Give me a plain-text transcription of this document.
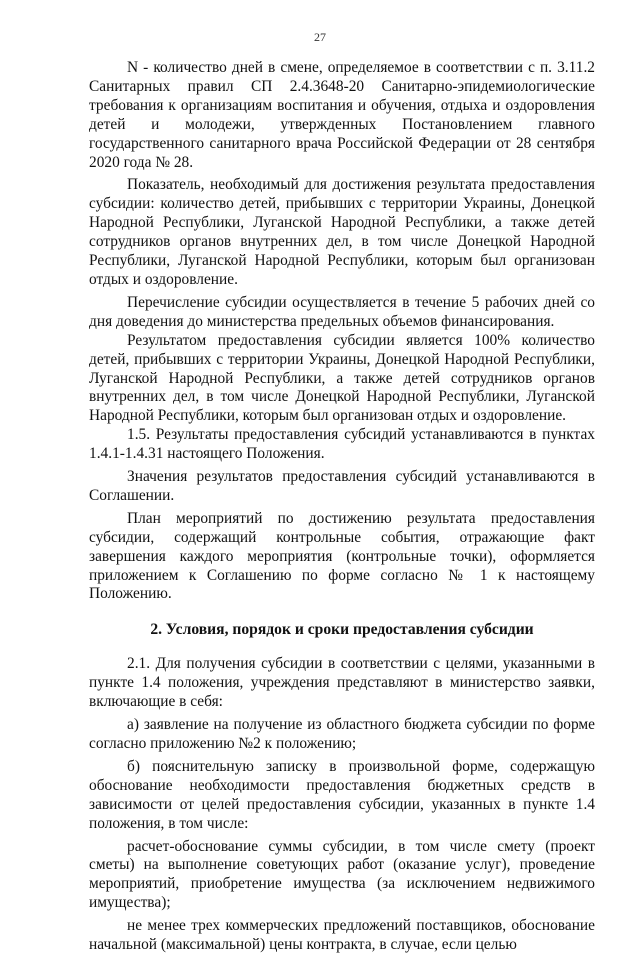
27

N - количество дней в смене, определяемое в соответствии с п. 3.11.2 Санитарных правил СП 2.4.3648-20 Санитарно-эпидемиологические требования к организациям воспитания и обучения, отдыха и оздоровления детей и молодежи, утвержденных Постановлением главного государственного санитарного врача Российской Федерации от 28 сентября 2020 года № 28.

Показатель, необходимый для достижения результата предоставления субсидии: количество детей, прибывших с территории Украины, Донецкой Народной Республики, Луганской Народной Республики, а также детей сотрудников органов внутренних дел, в том числе Донецкой Народной Республики, Луганской Народной Республики, которым был организован отдых и оздоровление.

Перечисление субсидии осуществляется в течение 5 рабочих дней со дня доведения до министерства предельных объемов финансирования.

Результатом предоставления субсидии является 100% количество детей, прибывших с территории Украины, Донецкой Народной Республики, Луганской Народной Республики, а также детей сотрудников органов внутренних дел, в том числе Донецкой Народной Республики, Луганской Народной Республики, которым был организован отдых и оздоровление.

1.5. Результаты предоставления субсидий устанавливаются в пунктах 1.4.1-1.4.31 настоящего Положения.

Значения результатов предоставления субсидий устанавливаются в Соглашении.

План мероприятий по достижению результата предоставления субсидии, содержащий контрольные события, отражающие факт завершения каждого мероприятия (контрольные точки), оформляется приложением к Соглашению по форме согласно № 1 к настоящему Положению.

2. Условия, порядок и сроки предоставления субсидии

2.1. Для получения субсидии в соответствии с целями, указанными в пункте 1.4 положения, учреждения представляют в министерство заявки, включающие в себя:

а) заявление на получение из областного бюджета субсидии по форме согласно приложению №2 к положению;

б) пояснительную записку в произвольной форме, содержащую обоснование необходимости предоставления бюджетных средств в зависимости от целей предоставления субсидии, указанных в пункте 1.4 положения, в том числе:

расчет-обоснование суммы субсидии, в том числе смету (проект сметы) на выполнение советующих работ (оказание услуг), проведение мероприятий, приобретение имущества (за исключением недвижимого имущества);

не менее трех коммерческих предложений поставщиков, обоснование начальной (максимальной) цены контракта, в случае, если целью
